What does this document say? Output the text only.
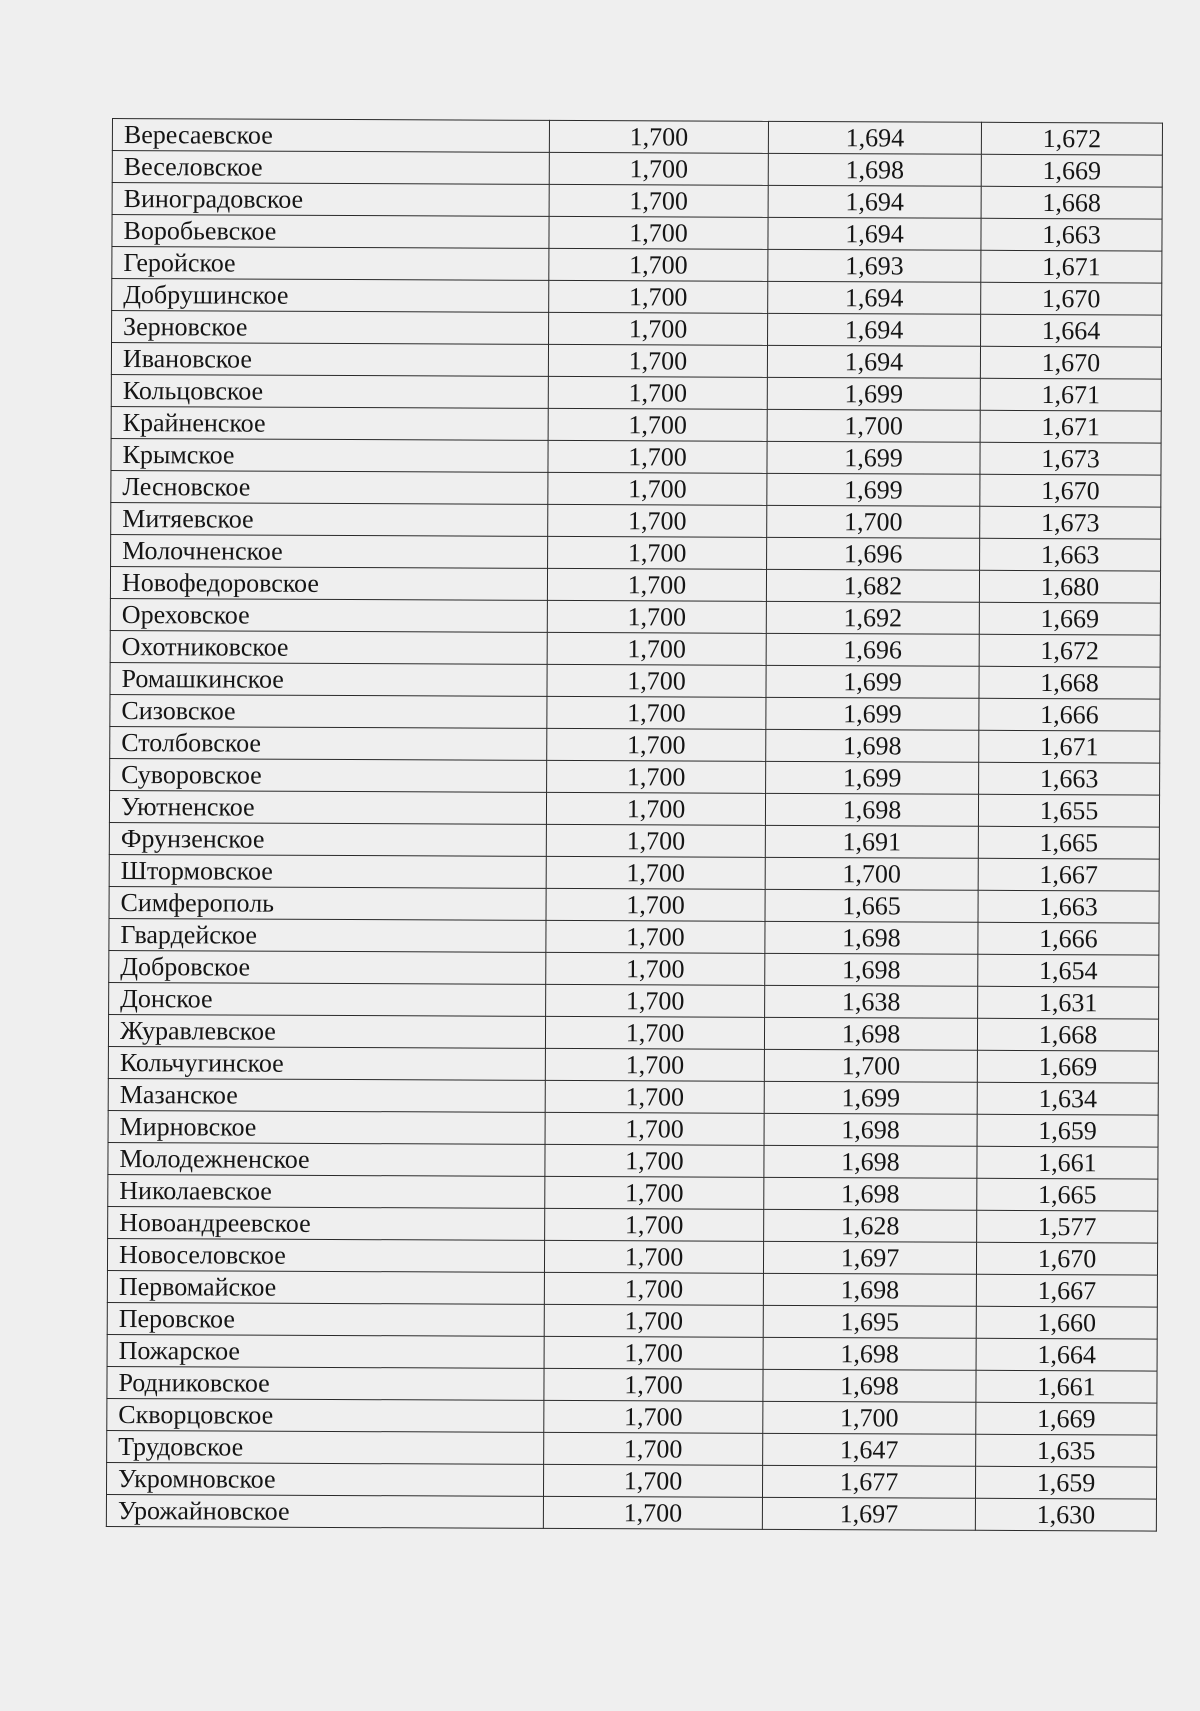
Вересаевское	1,700	1,694	1,672
Веселовское	1,700	1,698	1,669
Виноградовское	1,700	1,694	1,668
Воробьевское	1,700	1,694	1,663
Геройское	1,700	1,693	1,671
Добрушинское	1,700	1,694	1,670
Зерновское	1,700	1,694	1,664
Ивановское	1,700	1,694	1,670
Кольцовское	1,700	1,699	1,671
Крайненское	1,700	1,700	1,671
Крымское	1,700	1,699	1,673
Лесновское	1,700	1,699	1,670
Митяевское	1,700	1,700	1,673
Молочненское	1,700	1,696	1,663
Новофедоровское	1,700	1,682	1,680
Ореховское	1,700	1,692	1,669
Охотниковское	1,700	1,696	1,672
Ромашкинское	1,700	1,699	1,668
Сизовское	1,700	1,699	1,666
Столбовское	1,700	1,698	1,671
Суворовское	1,700	1,699	1,663
Уютненское	1,700	1,698	1,655
Фрунзенское	1,700	1,691	1,665
Штормовское	1,700	1,700	1,667
Симферополь	1,700	1,665	1,663
Гвардейское	1,700	1,698	1,666
Добровское	1,700	1,698	1,654
Донское	1,700	1,638	1,631
Журавлевское	1,700	1,698	1,668
Кольчугинское	1,700	1,700	1,669
Мазанское	1,700	1,699	1,634
Мирновское	1,700	1,698	1,659
Молодежненское	1,700	1,698	1,661
Николаевское	1,700	1,698	1,665
Новоандреевское	1,700	1,628	1,577
Новоселовское	1,700	1,697	1,670
Первомайское	1,700	1,698	1,667
Перовское	1,700	1,695	1,660
Пожарское	1,700	1,698	1,664
Родниковское	1,700	1,698	1,661
Скворцовское	1,700	1,700	1,669
Трудовское	1,700	1,647	1,635
Укромновское	1,700	1,677	1,659
Урожайновское	1,700	1,697	1,630
